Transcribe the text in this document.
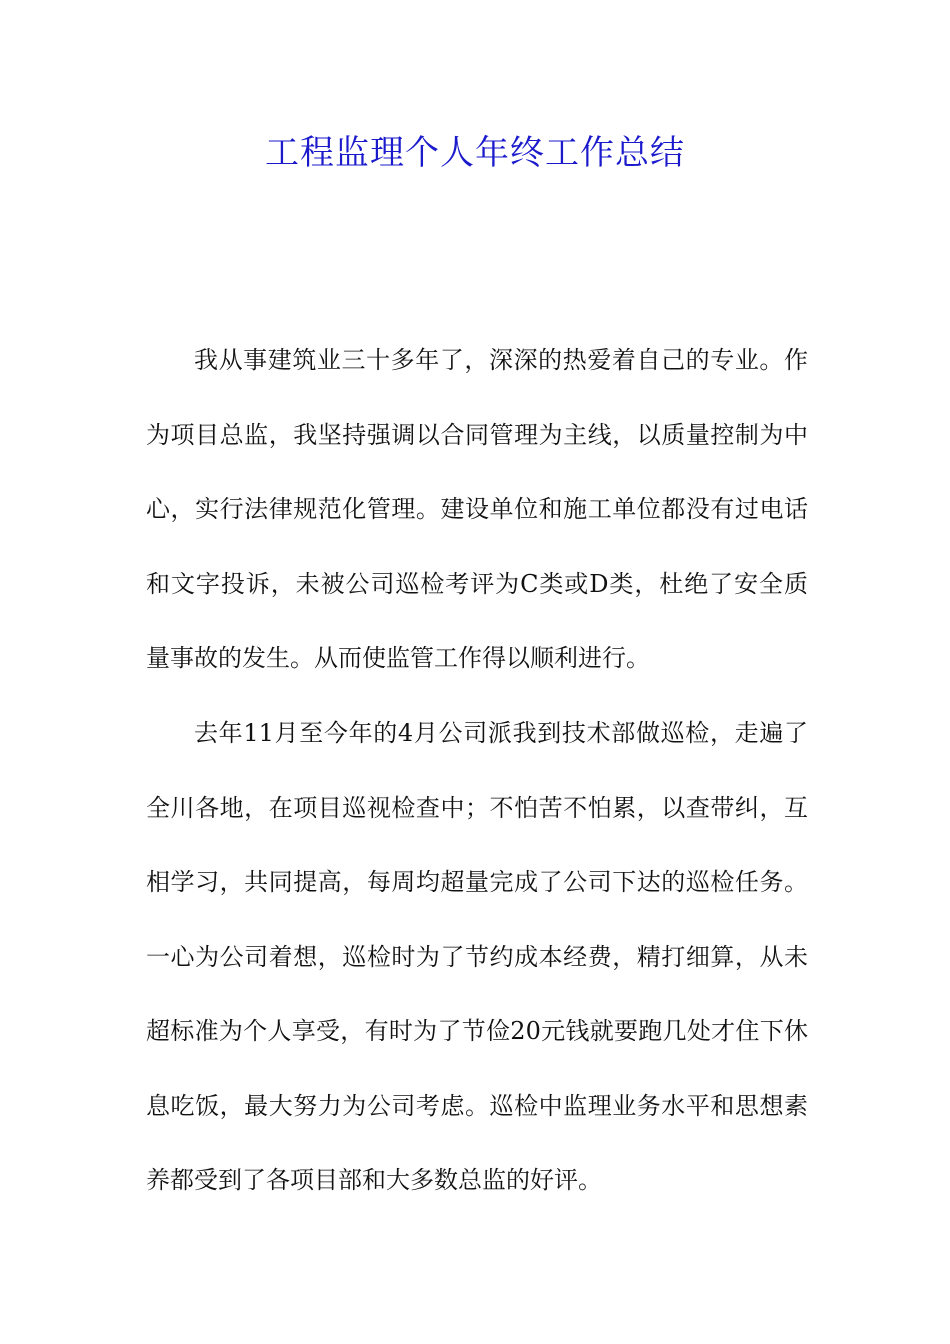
工程监理个人年终工作总结
我从事建筑业三十多年了，深深的热爱着自己的专业。作
为项目总监，我坚持强调以合同管理为主线，以质量控制为中
心，实行法律规范化管理。建设单位和施工单位都没有过电话
和文字投诉，未被公司巡检考评为C类或D类，杜绝了安全质
量事故的发生。从而使监管工作得以顺利进行。
去年11月至今年的4月公司派我到技术部做巡检，走遍了
全川各地，在项目巡视检查中；不怕苦不怕累，以查带纠，互
相学习，共同提高，每周均超量完成了公司下达的巡检任务。
一心为公司着想，巡检时为了节约成本经费，精打细算，从未
超标准为个人享受，有时为了节俭20元钱就要跑几处才住下休
息吃饭，最大努力为公司考虑。巡检中监理业务水平和思想素
养都受到了各项目部和大多数总监的好评。
